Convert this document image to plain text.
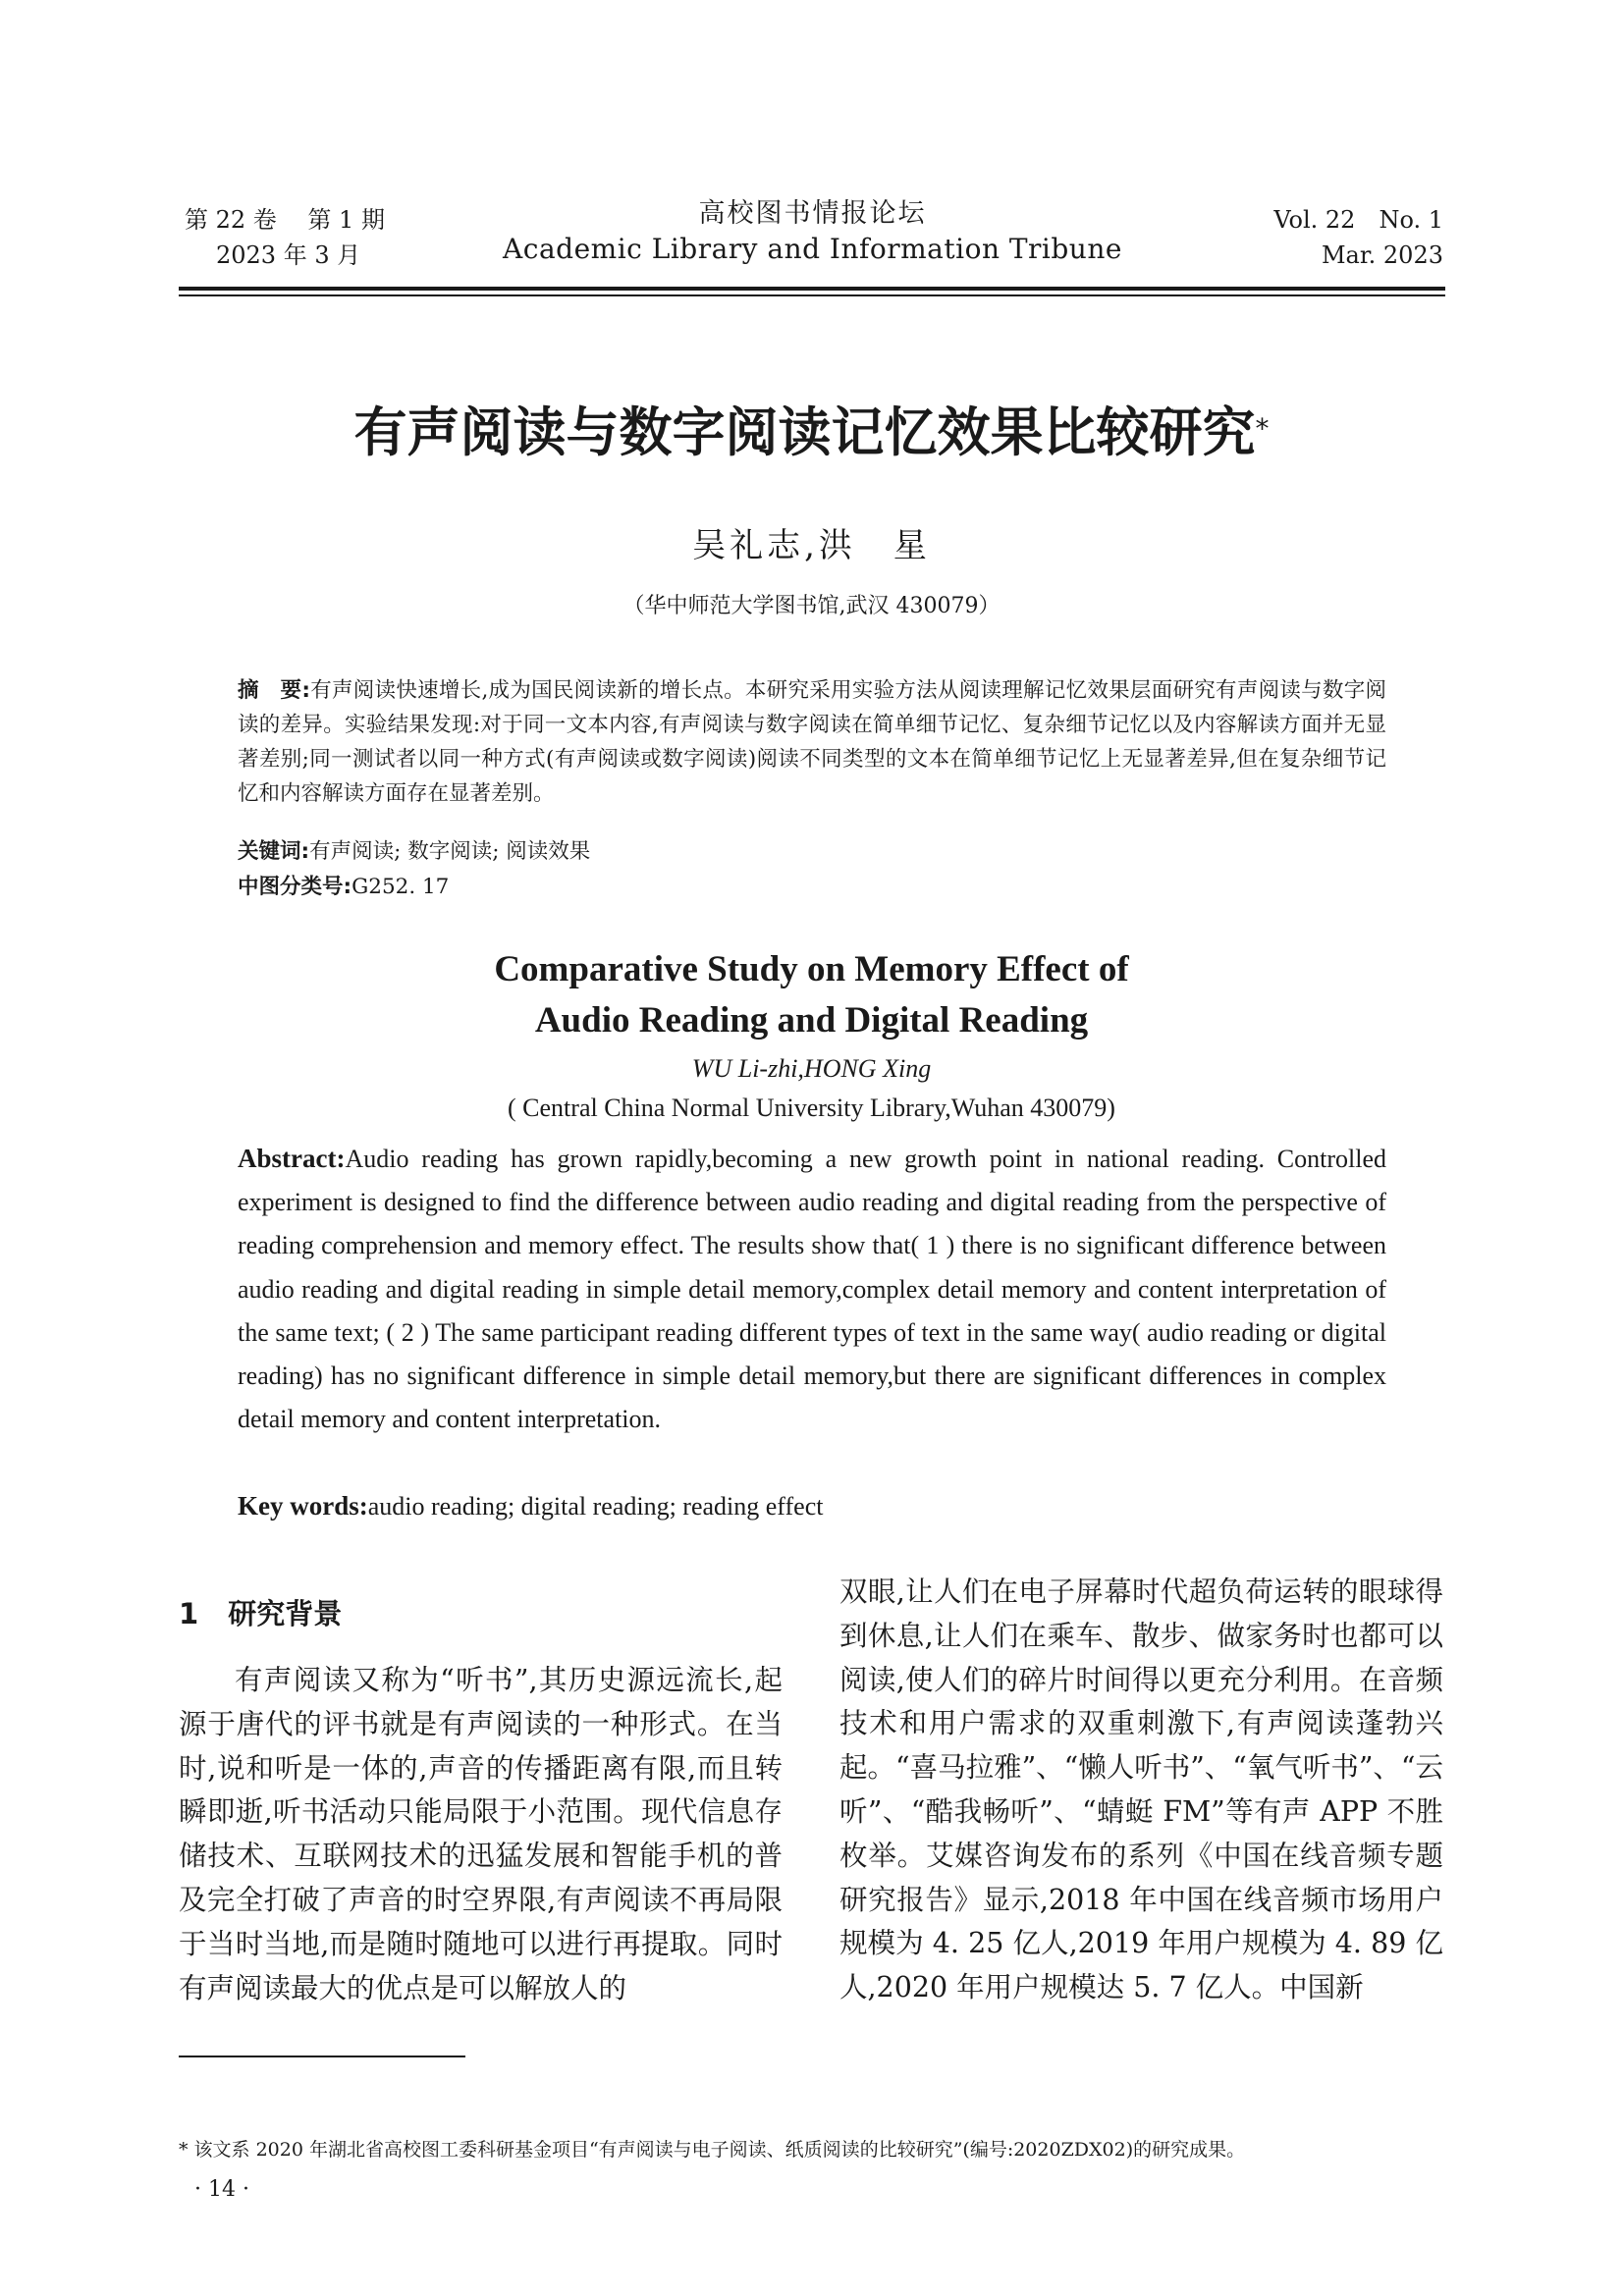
第 22 卷　 第 1 期
2023 年 3 月
高校图书情报论坛
Academic Library and Information Tribune
Vol. 22　No. 1
Mar. 2023
有声阅读与数字阅读记忆效果比较研究*
吴礼志,洪　星
（华中师范大学图书馆,武汉 430079）
摘　要:有声阅读快速增长,成为国民阅读新的增长点。本研究采用实验方法从阅读理解记忆效果层面研究有声阅读与数字阅读的差异。实验结果发现:对于同一文本内容,有声阅读与数字阅读在简单细节记忆、复杂细节记忆以及内容解读方面并无显著差别;同一测试者以同一种方式(有声阅读或数字阅读)阅读不同类型的文本在简单细节记忆上无显著差异,但在复杂细节记忆和内容解读方面存在显著差别。
关键词:有声阅读; 数字阅读; 阅读效果
中图分类号:G252. 17
Comparative Study on Memory Effect of
Audio Reading and Digital Reading
WU Li-zhi,HONG Xing
( Central China Normal University Library,Wuhan 430079)
Abstract:Audio reading has grown rapidly,becoming a new growth point in national reading. Controlled experiment is designed to find the difference between audio reading and digital reading from the perspective of reading comprehension and memory effect. The results show that( 1 ) there is no significant difference between audio reading and digital reading in simple detail memory,complex detail memory and content interpretation of the same text; ( 2 ) The same participant reading different types of text in the same way( audio reading or digital reading) has no significant difference in simple detail memory,but there are significant differences in complex detail memory and content interpretation.
Key words:audio reading; digital reading; reading effect
1 研究背景
有声阅读又称为“听书”,其历史源远流长,起源于唐代的评书就是有声阅读的一种形式。在当时,说和听是一体的,声音的传播距离有限,而且转瞬即逝,听书活动只能局限于小范围。现代信息存储技术、互联网技术的迅猛发展和智能手机的普及完全打破了声音的时空界限,有声阅读不再局限于当时当地,而是随时随地可以进行再提取。同时有声阅读最大的优点是可以解放人的
双眼,让人们在电子屏幕时代超负荷运转的眼球得到休息,让人们在乘车、散步、做家务时也都可以阅读,使人们的碎片时间得以更充分利用。在音频技术和用户需求的双重刺激下,有声阅读蓬勃兴起。“喜马拉雅”、“懒人听书”、“氧气听书”、“云听”、“酷我畅听”、“蜻蜓 FM”等有声 APP 不胜枚举。艾媒咨询发布的系列《中国在线音频专题研究报告》显示,2018 年中国在线音频市场用户规模为 4. 25 亿人,2019 年用户规模为 4. 89 亿人,2020 年用户规模达 5. 7 亿人。中国新
* 该文系 2020 年湖北省高校图工委科研基金项目“有声阅读与电子阅读、纸质阅读的比较研究”(编号:2020ZDX02)的研究成果。
· 14 ·
